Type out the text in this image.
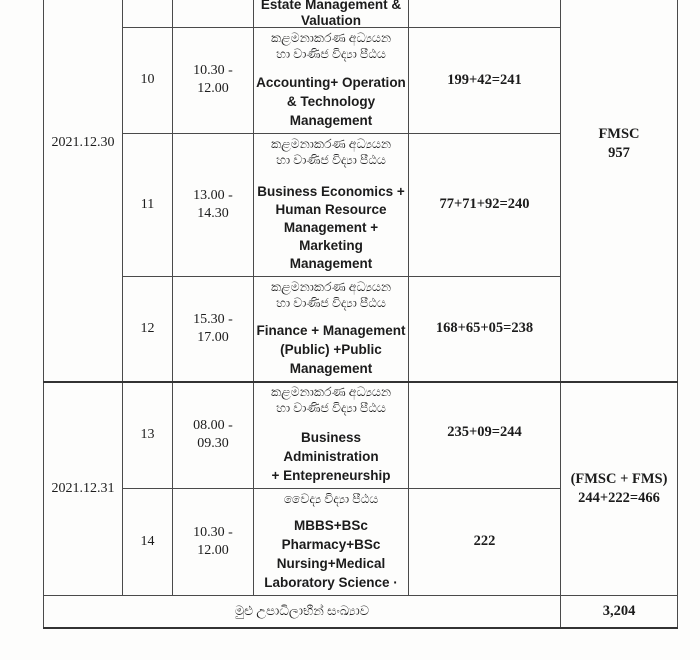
Estate Management &
Valuation
2021.12.30
2021.12.31
FMSC
957
(FMSC + FMS)
244+222=466
10
10.30 -
12.00
කළමනාකරණ අධ්‍යයන
හා වාණිජ විද්‍යා පීඨය
Accounting+ Operation
& Technology
Management
199+42=241
11
13.00 -
14.30
කළමනාකරණ අධ්‍යයන
හා වාණිජ විද්‍යා පීඨය
Business Economics +
Human Resource
Management +
Marketing
Management
77+71+92=240
12
15.30 -
17.00
කළමනාකරණ අධ්‍යයන
හා වාණිජ විද්‍යා පීඨය
Finance + Management
(Public) +Public
Management
168+65+05=238
13
08.00 -
09.30
කළමනාකරණ අධ්‍යයන
හා වාණිජ විද්‍යා පීඨය
Business
Administration
+ Entepreneurship
235+09=244
14
10.30 -
12.00
වෛද්‍ය විද්‍යා පීඨය
MBBS+BSc
Pharmacy+BSc
Nursing+Medical
Laboratory Science ·
222
මුළු උපාධිලාභීන් සංඛ්‍යාව	3,204
